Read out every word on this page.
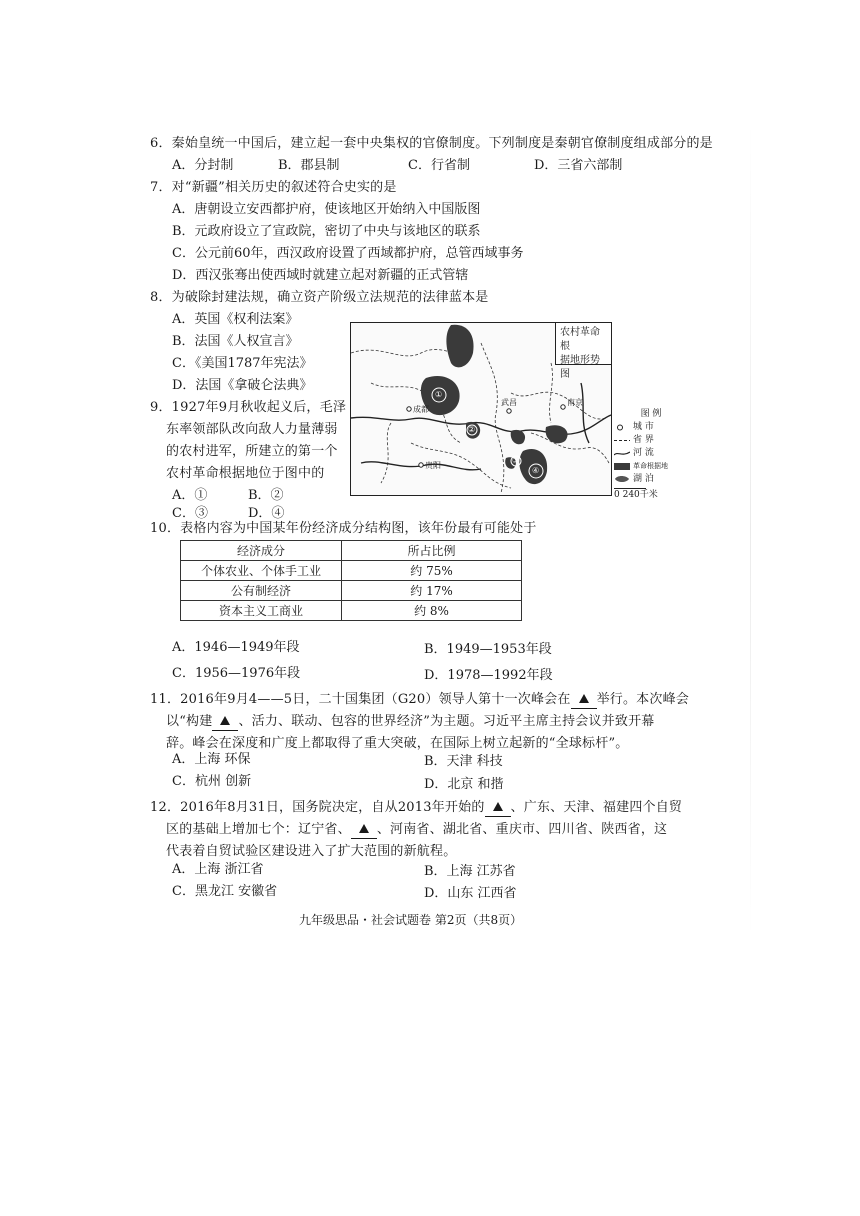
6．秦始皇统一中国后，建立起一套中央集权的官僚制度。下列制度是秦朝官僚制度组成部分的是
A．分封制	B．郡县制	C．行省制	D．三省六部制
7．对“新疆”相关历史的叙述符合史实的是
A．唐朝设立安西都护府，使该地区开始纳入中国版图
B．元政府设立了宣政院，密切了中央与该地区的联系
C．公元前60年，西汉政府设置了西域都护府，总管西域事务
D．西汉张骞出使西域时就建立起对新疆的正式管辖
8．为破除封建法规，确立资产阶级立法规范的法律蓝本是
A．英国《权利法案》
B．法国《人权宣言》
C．《美国1787年宪法》
D．法国《拿破仑法典》
9．1927年9月秋收起义后，毛泽
东率领部队改向敌人力量薄弱
的农村进军，所建立的第一个
农村革命根据地位于图中的
A．①	B．②
C．③	D．④
①
②
③
④
成都
武昌
贵阳
南京
农村革命根
据地形势图
图 例
城 市
省 界
河 流
革命根据地
湖 泊
0 240千米
10．表格内容为中国某年份经济成分结构图，该年份最有可能处于
经济成分	所占比例
个体农业、个体手工业	约 75%
公有制经济	约 17%
资本主义工商业	约 8%
A．1946—1949年段	B．1949—1953年段
C．1956—1976年段	D．1978—1992年段
11．2016年9月4——5日，二十国集团（G20）领导人第十一次峰会在 举行。本次峰会
以“构建 、活力、联动、包容的世界经济”为主题。习近平主席主持会议并致开幕
辞。峰会在深度和广度上都取得了重大突破，在国际上树立起新的“全球标杆”。
A．上海 环保	B．天津 科技
C．杭州 创新	D．北京 和揩
12．2016年8月31日，国务院决定，自从2013年开始的 、广东、天津、福建四个自贸
区的基础上增加七个：辽宁省、 、河南省、湖北省、重庆市、四川省、陕西省，这
代表着自贸试验区建设进入了扩大范围的新航程。
A．上海 浙江省	B．上海 江苏省
C．黑龙江 安徽省	D．山东 江西省
九年级思品・社会试题卷 第2页（共8页）
